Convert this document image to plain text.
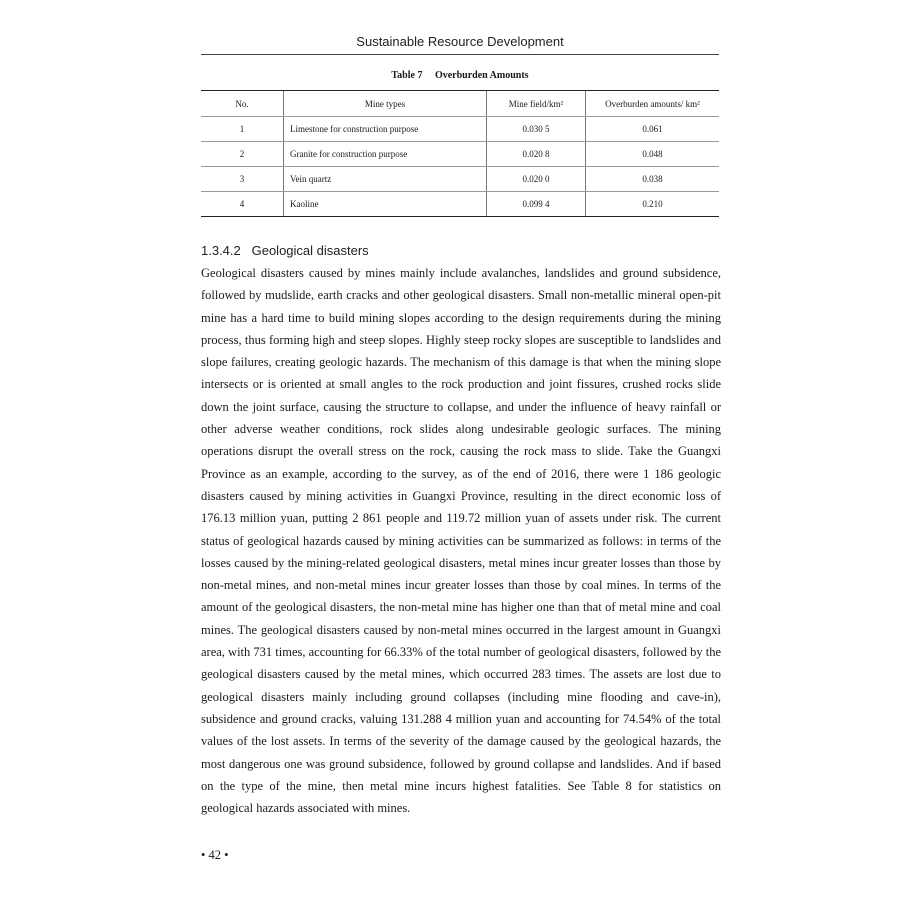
Sustainable Resource Development
Table 7 Overburden Amounts
No.	Mine types	Mine field/km²	Overburden amounts/ km²
1	Limestone for construction purpose	0.030 5	0.061
2	Granite for construction purpose	0.020 8	0.048
3	Vein quartz	0.020 0	0.038
4	Kaoline	0.099 4	0.210
1.3.4.2 Geological disasters

Geological disasters caused by mines mainly include avalanches, landslides and ground subsidence, followed by mudslide, earth cracks and other geological disasters. Small non-metallic mineral open-pit mine has a hard time to build mining slopes according to the design requirements during the mining process, thus forming high and steep slopes. Highly steep rocky slopes are susceptible to landslides and slope failures, creating geologic hazards. The mechanism of this damage is that when the mining slope intersects or is oriented at small angles to the rock production and joint fissures, crushed rocks slide down the joint surface, causing the structure to collapse, and under the influence of heavy rainfall or other adverse weather conditions, rock slides along undesirable geologic surfaces. The mining operations disrupt the overall stress on the rock, causing the rock mass to slide. Take the Guangxi Province as an example, according to the survey, as of the end of 2016, there were 1 186 geologic disasters caused by mining activities in Guangxi Province, resulting in the direct economic loss of 176.13 million yuan, putting 2 861 people and 119.72 million yuan of assets under risk. The current status of geological hazards caused by mining activities can be summarized as follows: in terms of the losses caused by the mining-related geological disasters, metal mines incur greater losses than those by non-metal mines, and non-metal mines incur greater losses than those by coal mines. In terms of the amount of the geological disasters, the non-metal mine has higher one than that of metal mine and coal mines. The geological disasters caused by non-metal mines occurred in the largest amount in Guangxi area, with 731 times, accounting for 66.33% of the total number of geological disasters, followed by the geological disasters caused by the metal mines, which occurred 283 times. The assets are lost due to geological disasters mainly including ground collapses (including mine flooding and cave-in), subsidence and ground cracks, valuing 131.288 4 million yuan and accounting for 74.54% of the total values of the lost assets. In terms of the severity of the damage caused by the geological hazards, the most dangerous one was ground subsidence, followed by ground collapse and landslides. And if based on the type of the mine, then metal mine incurs highest fatalities. See Table 8 for statistics on geological hazards associated with mines.

• 42 •
